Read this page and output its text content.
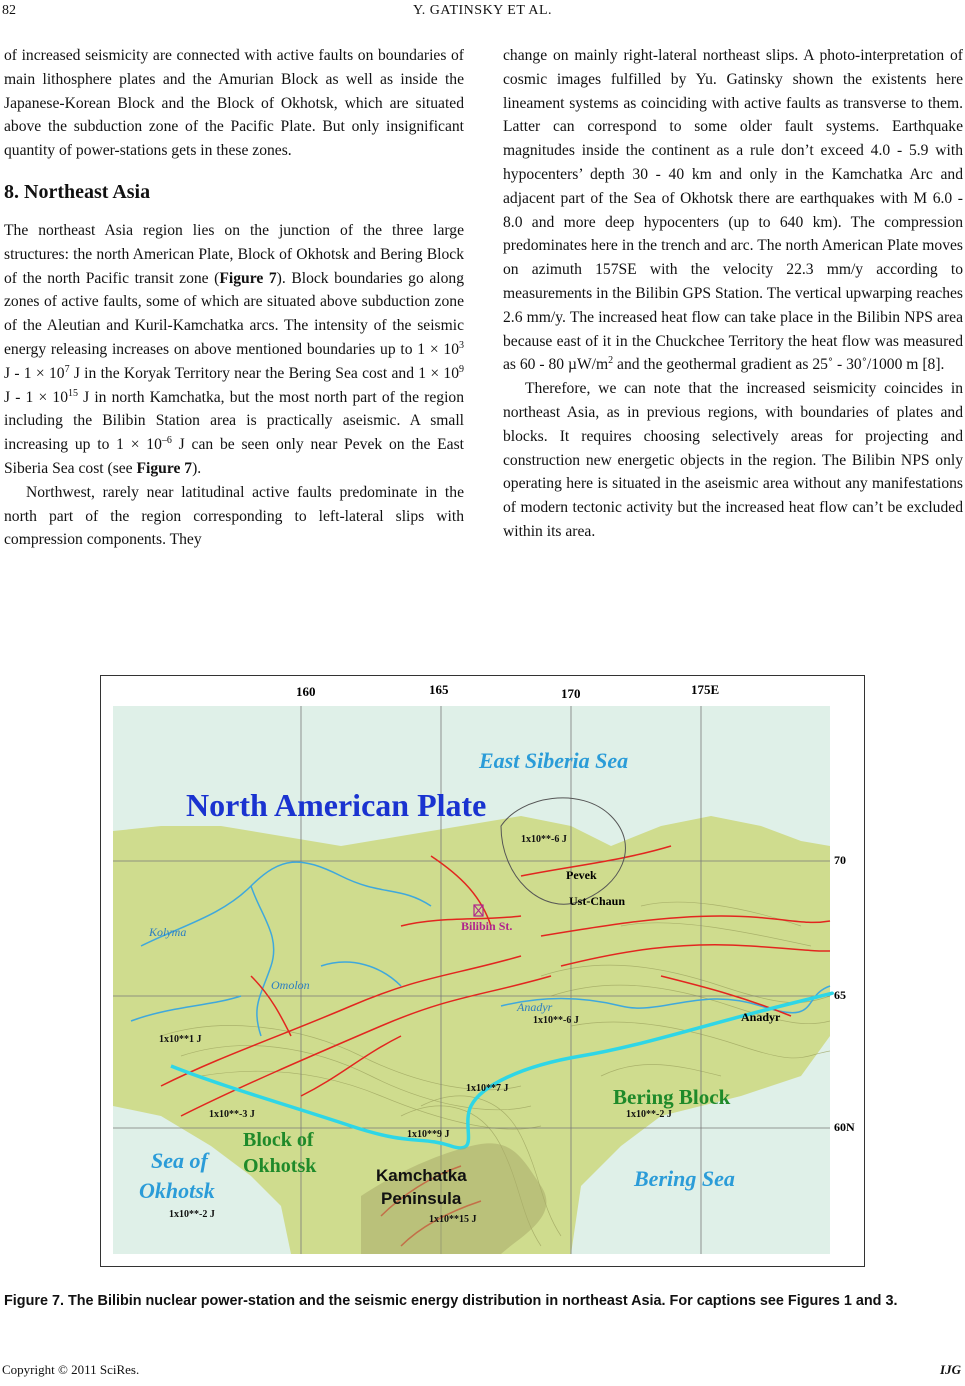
82	Y. GATINSKY ET AL.

of increased seismicity are connected with active faults on boundaries of main lithosphere plates and the Amurian Block as well as inside the Japanese-Korean Block and the Block of Okhotsk, which are situated above the subduction zone of the Pacific Plate. But only insignificant quantity of power-stations gets in these zones.

8. Northeast Asia

The northeast Asia region lies on the junction of the three large structures: the north American Plate, Block of Okhotsk and Bering Block of the north Pacific transit zone (Figure 7). Block boundaries go along zones of active faults, some of which are situated above subduction zone of the Aleutian and Kuril-Kamchatka arcs. The intensity of the seismic energy releasing increases on above mentioned boundaries up to $1 \times 10^3$ $J - 1 \times 10^7$ J in the Koryak Territory near the Bering Sea cost and $1 \times 10^9$ $J - 1 \times 10^{15}$ J in north Kamchatka, but the most north part of the region including the Bilibin Station area is practically aseismic. A small increasing up to $1 \times 10^{-6}$ J can be seen only near Pevek on the East Siberia Sea cost (see Figure 7).

Northwest, rarely near latitudinal active faults predominate in the north part of the region corresponding to left-lateral slips with compression components. They

change on mainly right-lateral northeast slips. A photo-interpretation of cosmic images fulfilled by Yu. Gatinsky shown the existents here lineament systems as coinciding with active faults as transverse to them. Latter can correspond to some older fault systems. Earthquake magnitudes inside the continent as a rule don’t exceed 4.0 - 5.9 with hypocenters’ depth 30 - 40 km and only in the Kamchatka Arc and adjacent part of the Sea of Okhotsk there are earthquakes with M 6.0 - 8.0 and more deep hypocenters (up to 640 km). The compression predominates here in the trench and arc. The north American Plate moves on azimuth 157SE with the velocity 22.3 mm/y according to measurements in the Bilibin GPS Station. The vertical upwarping reaches 2.6 mm/y. The increased heat flow can take place in the Bilibin NPS area because east of it in the Chuckchee Territory the heat flow was measured as 60 - 80 $\mu W/m^2$ and the geothermal gradient as 25˚ - 30˚/1000 m [8].

Therefore, we can note that the increased seismicity coincides in northeast Asia, as in previous regions, with boundaries of plates and blocks. It requires choosing selectively areas for projecting and construction new energetic objects in the region. The Bilibin NPS only operating here is situated in the aseismic area without any manifestations of modern tectonic activity but the increased heat flow can’t be excluded within its area.

160	165	170	175E
70
65
60N
North American Plate
East Siberia Sea
Block of
Okhotsk
Sea of
Okhotsk
Kamchatka
Peninsula
Bering Block
Bering Sea
Pevek
Ust-Chaun
Bilibin St.
Kolyma
Omolon
Anadyr
Anadyr
1x10**-6 J
1x10**-6 J
1x10**1 J
1x10**-3 J
1x10**7 J
1x10**9 J
1x10**-2 J
1x10**-2 J	1x10**15 J
Figure 7. The Bilibin nuclear power-station and the seismic energy distribution in northeast Asia. For captions see Figures 1 and 3.
Copyright © 2011 SciRes.	IJG
